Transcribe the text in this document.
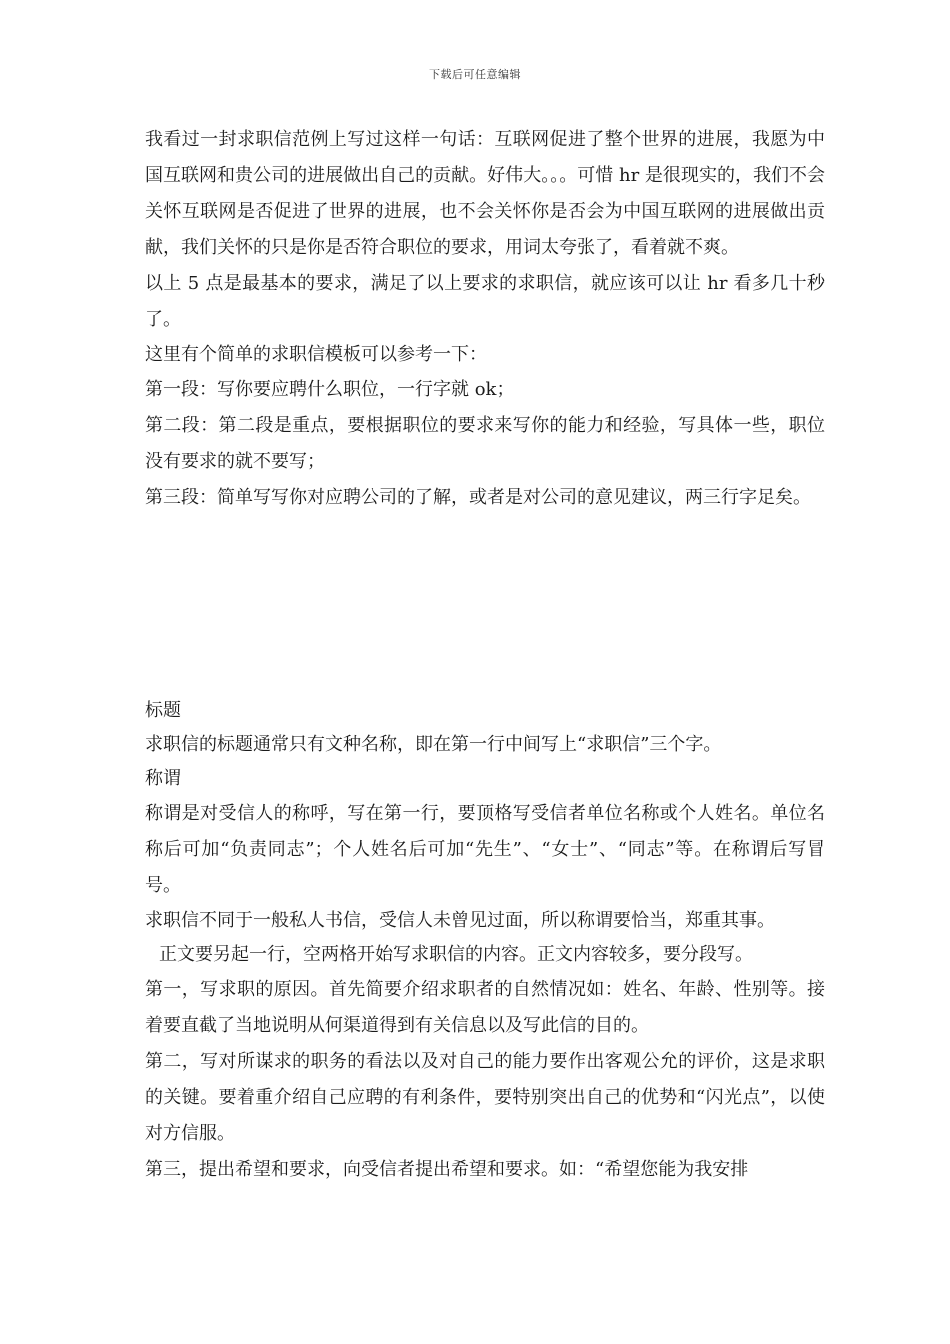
下载后可任意编辑

我看过一封求职信范例上写过这样一句话：互联网促进了整个世界的进展，我愿为中国互联网和贵公司的进展做出自己的贡献。好伟大。。。可惜 hr 是很现实的，我们不会关怀互联网是否促进了世界的进展，也不会关怀你是否会为中国互联网的进展做出贡献，我们关怀的只是你是否符合职位的要求，用词太夸张了，看着就不爽。

以上 5 点是最基本的要求，满足了以上要求的求职信，就应该可以让 hr 看多几十秒了。

这里有个简单的求职信模板可以参考一下：

第一段：写你要应聘什么职位，一行字就 ok；

第二段：第二段是重点，要根据职位的要求来写你的能力和经验，写具体一些，职位没有要求的就不要写；

第三段：简单写写你对应聘公司的了解，或者是对公司的意见建议，两三行字足矣。

标题

求职信的标题通常只有文种名称，即在第一行中间写上“求职信”三个字。

称谓

称谓是对受信人的称呼，写在第一行，要顶格写受信者单位名称或个人姓名。单位名称后可加“负责同志”；个人姓名后可加“先生”、“女士”、“同志”等。在称谓后写冒号。

求职信不同于一般私人书信，受信人未曾见过面，所以称谓要恰当，郑重其事。

正文要另起一行，空两格开始写求职信的内容。正文内容较多，要分段写。

第一，写求职的原因。首先简要介绍求职者的自然情况如：姓名、年龄、性别等。接着要直截了当地说明从何渠道得到有关信息以及写此信的目的。

第二，写对所谋求的职务的看法以及对自己的能力要作出客观公允的评价，这是求职的关键。要着重介绍自己应聘的有利条件，要特别突出自己的优势和“闪光点”，以使对方信服。

第三，提出希望和要求，向受信者提出希望和要求。如：“希望您能为我安排
